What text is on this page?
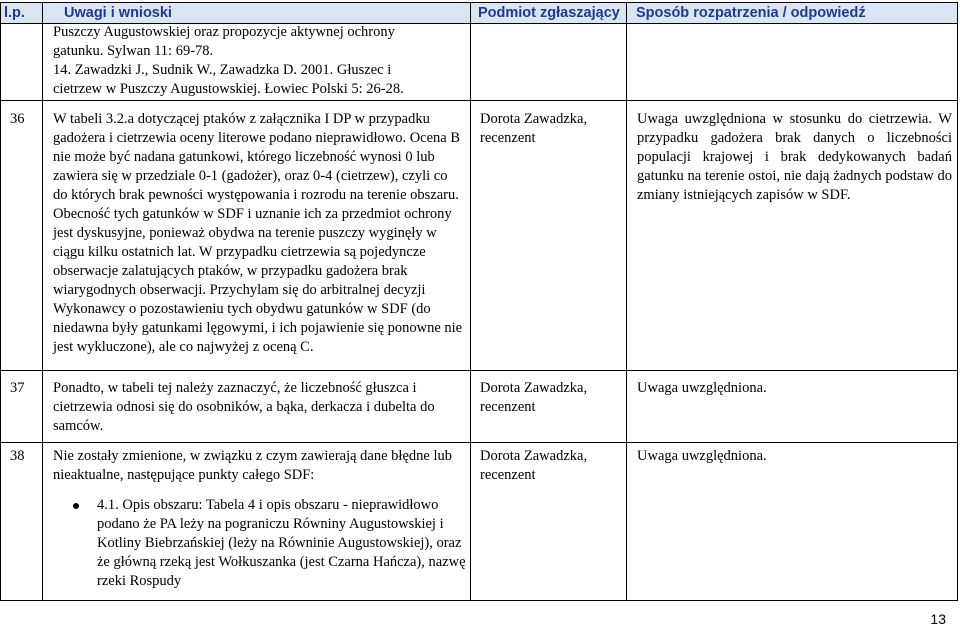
l.p.	Uwagi i wnioski	Podmiot zgłaszający Sposób rozpatrzenia / odpowiedź

Puszczy Augustowskiej oraz propozycje aktywnej ochrony

gatunku. Sylwan 11: 69-78.

14. Zawadzki J., Sudnik W., Zawadzka D. 2001. Głuszec i

cietrzew w Puszczy Augustowskiej. Łowiec Polski 5: 26-28.

36 W tabeli 3.2.a dotyczącej ptaków z załącznika I DP w przypadku gadożera i cietrzewia oceny literowe podano nieprawidłowo. Ocena B nie może być nadana gatunkowi, którego liczebność wynosi 0 lub zawiera się w przedziale 0-1 (gadożer), oraz 0-4 (cietrzew), czyli co do których brak pewności występowania i rozrodu na terenie obszaru. Obecność tych gatunków w SDF i uznanie ich za przedmiot ochrony jest dyskusyjne, ponieważ obydwa na terenie puszczy wyginęły w ciągu kilku ostatnich lat. W przypadku cietrzewia są pojedyncze obserwacje zalatujących ptaków, w przypadku gadożera brak wiarygodnych obserwacji. Przychylam się do arbitralnej decyzji Wykonawcy o pozostawieniu tych obydwu gatunków w SDF (do niedawna były gatunkami lęgowymi, i ich pojawienie się ponowne nie jest wykluczone), ale co najwyżej z oceną C.
Dorota Zawadzka, recenzent
Uwaga uwzględniona w stosunku do cietrzewia. W przypadku gadożera brak danych o liczebności populacji krajowej i brak dedykowanych badań gatunku na terenie ostoi, nie dają żadnych podstaw do zmiany istniejących zapisów w SDF.
37 Ponadto, w tabeli tej należy zaznaczyć, że liczebność głuszca i cietrzewia odnosi się do osobników, a bąka, derkacza i dubelta do samców.
Dorota Zawadzka, recenzent
Uwaga uwzględniona.
38 Nie zostały zmienione, w związku z czym zawierają dane błędne lub nieaktualne, następujące punkty całego SDF:
4.1. Opis obszaru: Tabela 4 i opis obszaru - nieprawidłowo podano że PA leży na pograniczu Równiny Augustowskiej i Kotliny Biebrzańskiej (leży na Równinie Augustowskiej), oraz że główną rzeką jest Wołkuszanka (jest Czarna Hańcza), nazwę rzeki Rospudy
Dorota Zawadzka, recenzent
Uwaga uwzględniona.
13
